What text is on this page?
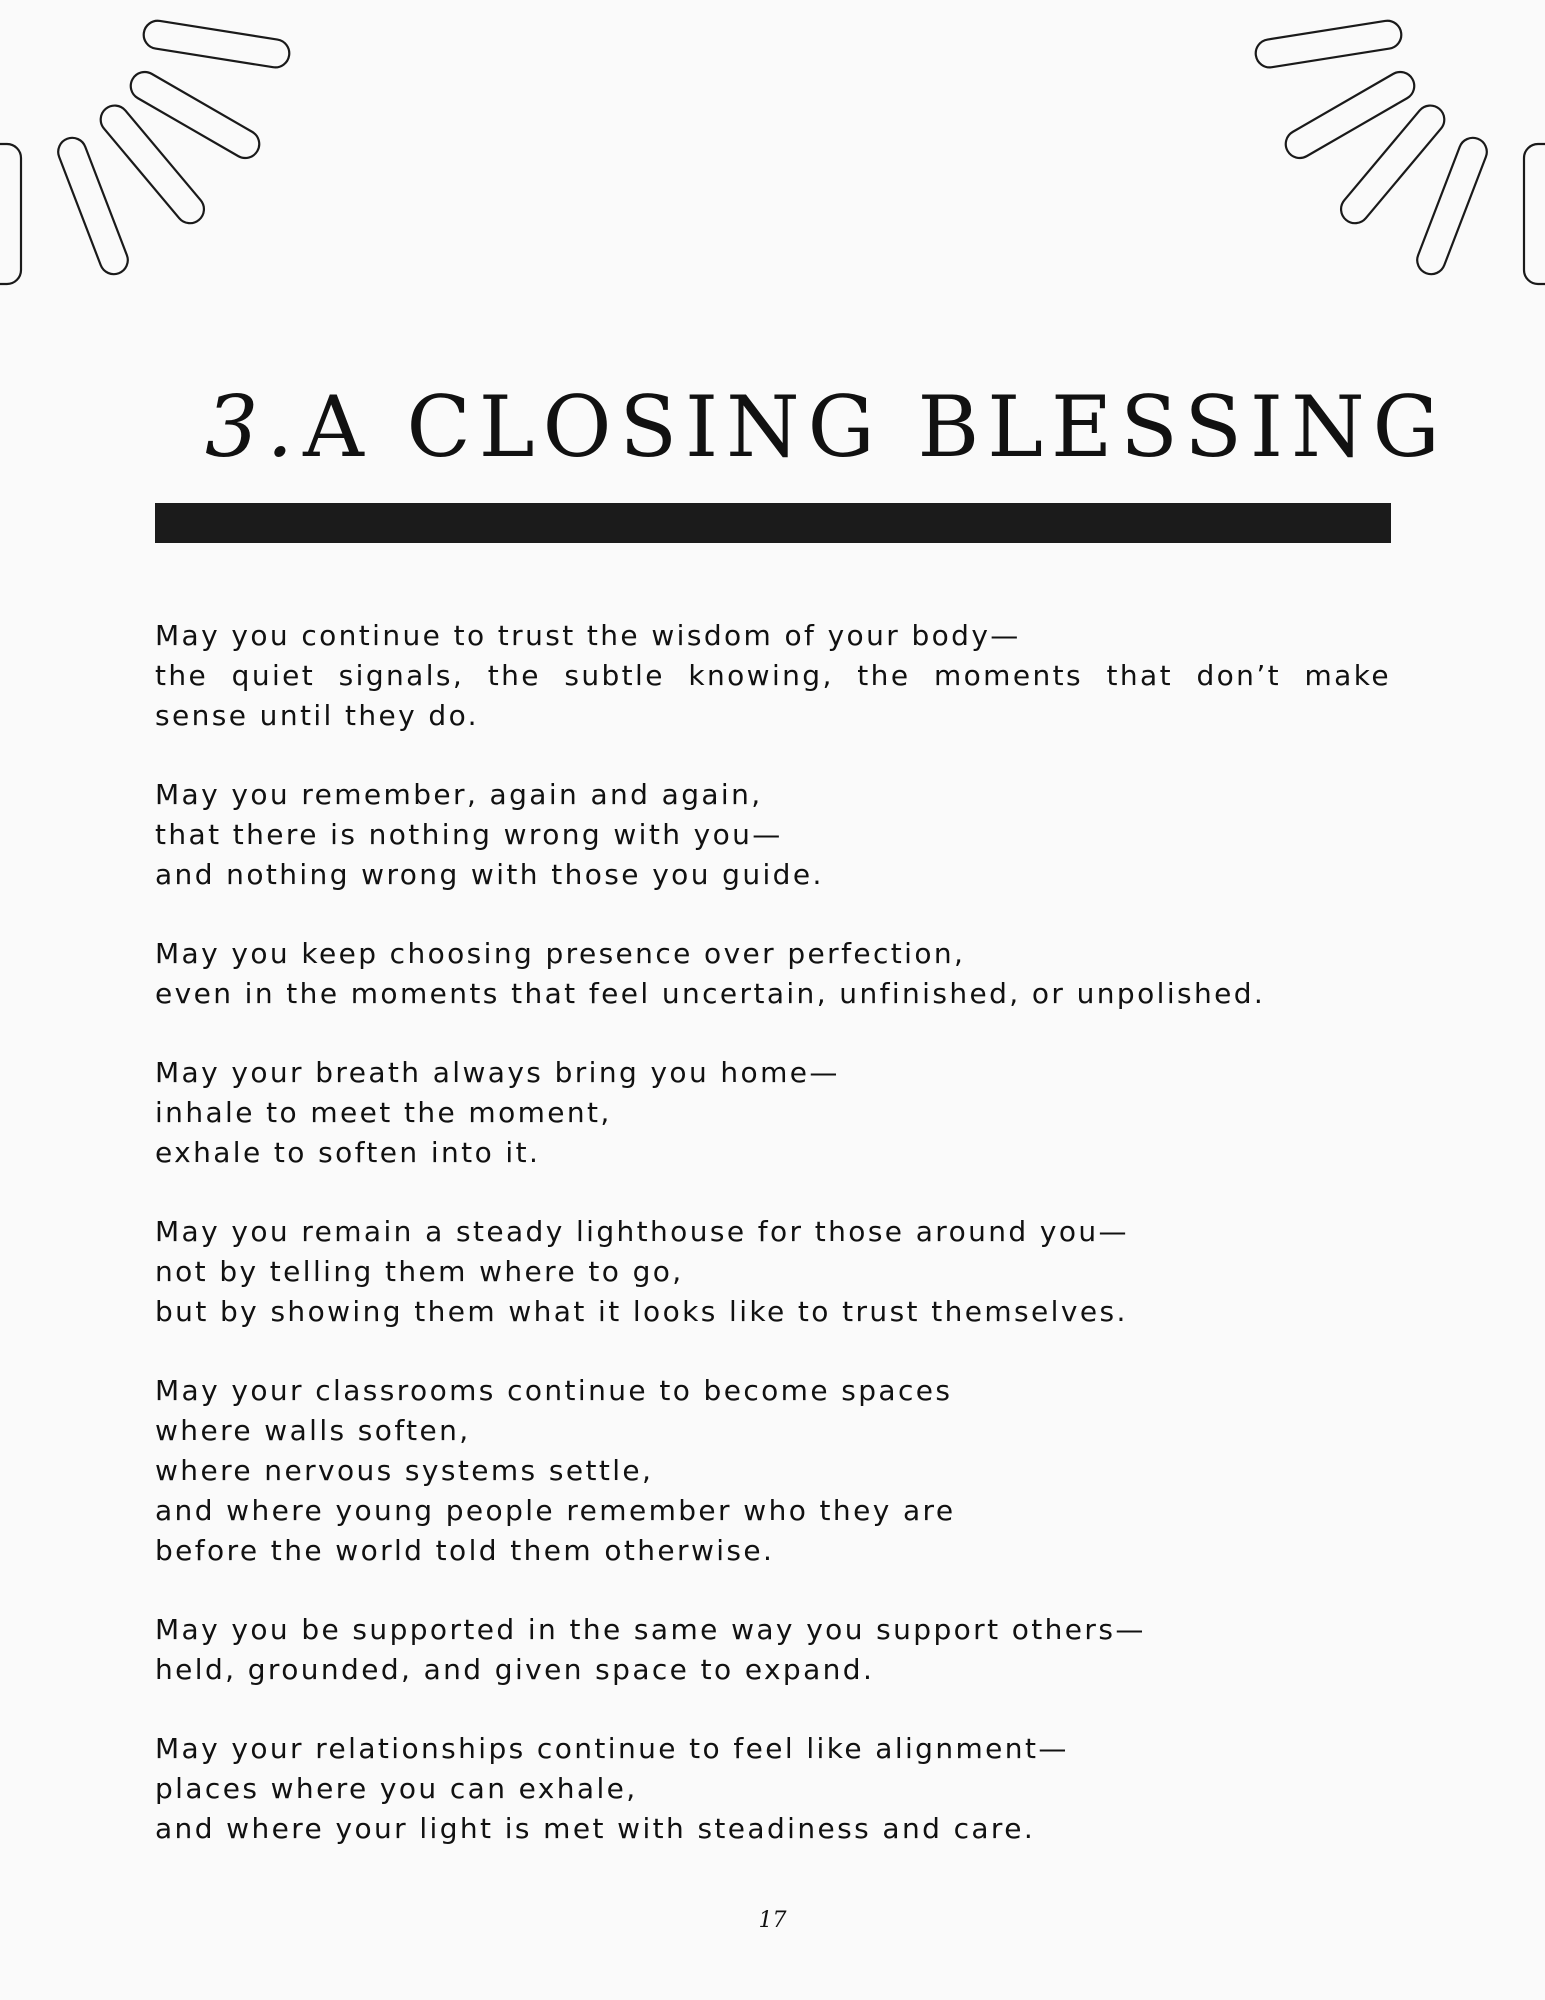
3.A CLOSING BLESSING

May you continue to trust the wisdom of your body—
the quiet signals, the subtle knowing, the moments that don’t make
sense until they do.

May you remember, again and again,
that there is nothing wrong with you—
and nothing wrong with those you guide.

May you keep choosing presence over perfection,
even in the moments that feel uncertain, unfinished, or unpolished.

May your breath always bring you home—
inhale to meet the moment,
exhale to soften into it.

May you remain a steady lighthouse for those around you—
not by telling them where to go,
but by showing them what it looks like to trust themselves.

May your classrooms continue to become spaces
where walls soften,
where nervous systems settle,
and where young people remember who they are
before the world told them otherwise.

May you be supported in the same way you support others—
held, grounded, and given space to expand.

May your relationships continue to feel like alignment—
places where you can exhale,
and where your light is met with steadiness and care.

17
